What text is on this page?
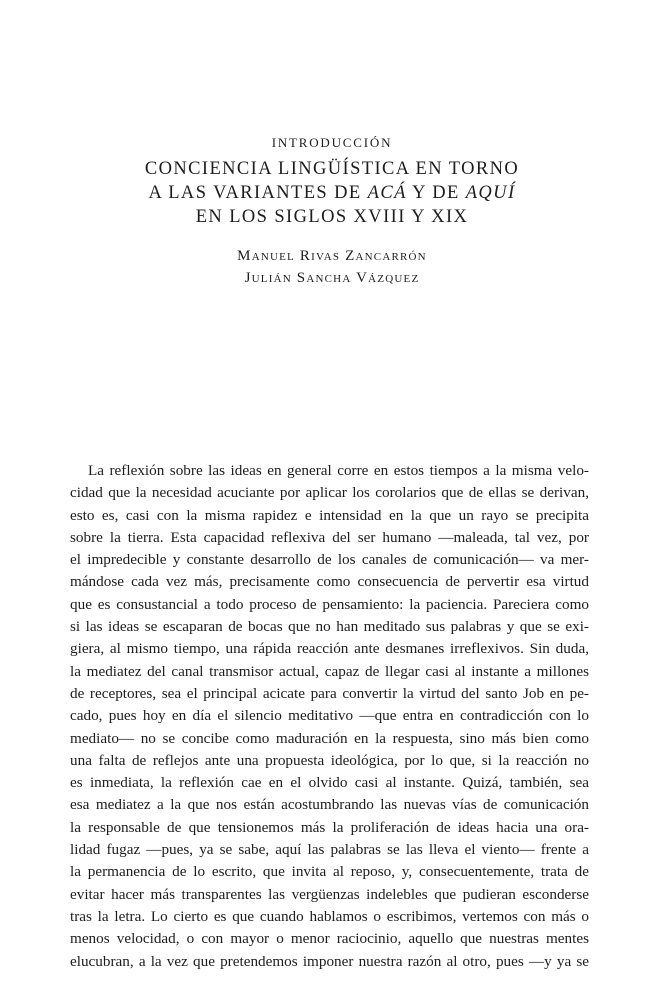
INTRODUCCIÓN
CONCIENCIA LINGÜÍSTICA EN TORNO
A LAS VARIANTES DE ACÁ Y DE AQUÍ
EN LOS SIGLOS XVIII Y XIX
Manuel Rivas Zancarrón
Julián Sancha Vázquez
La reflexión sobre las ideas en general corre en estos tiempos a la misma velo-
cidad que la necesidad acuciante por aplicar los corolarios que de ellas se derivan,
esto es, casi con la misma rapidez e intensidad en la que un rayo se precipita
sobre la tierra. Esta capacidad reflexiva del ser humano —maleada, tal vez, por
el impredecible y constante desarrollo de los canales de comunicación— va mer-
mándose cada vez más, precisamente como consecuencia de pervertir esa virtud
que es consustancial a todo proceso de pensamiento: la paciencia. Pareciera como
si las ideas se escaparan de bocas que no han meditado sus palabras y que se exi-
giera, al mismo tiempo, una rápida reacción ante desmanes irreflexivos. Sin duda,
la mediatez del canal transmisor actual, capaz de llegar casi al instante a millones
de receptores, sea el principal acicate para convertir la virtud del santo Job en pe-
cado, pues hoy en día el silencio meditativo —que entra en contradicción con lo
mediato— no se concibe como maduración en la respuesta, sino más bien como
una falta de reflejos ante una propuesta ideológica, por lo que, si la reacción no
es inmediata, la reflexión cae en el olvido casi al instante. Quizá, también, sea
esa mediatez a la que nos están acostumbrando las nuevas vías de comunicación
la responsable de que tensionemos más la proliferación de ideas hacia una ora-
lidad fugaz —pues, ya se sabe, aquí las palabras se las lleva el viento— frente a
la permanencia de lo escrito, que invita al reposo, y, consecuentemente, trata de
evitar hacer más transparentes las vergüenzas indelebles que pudieran esconderse
tras la letra. Lo cierto es que cuando hablamos o escribimos, vertemos con más o
menos velocidad, o con mayor o menor raciocinio, aquello que nuestras mentes
elucubran, a la vez que pretendemos imponer nuestra razón al otro, pues —y ya se
